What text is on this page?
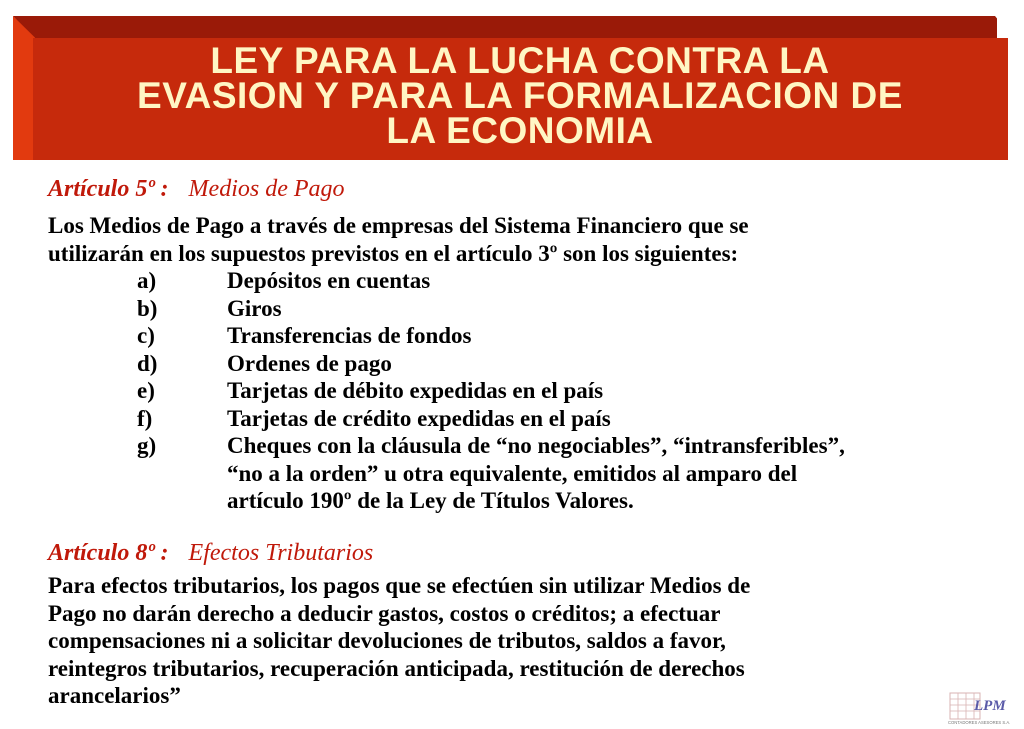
LEY PARA LA LUCHA CONTRA LA
EVASION Y PARA LA FORMALIZACION DE
LA ECONOMIA
Artículo 5º : Medios de Pago
Los Medios de Pago a través de empresas del Sistema Financiero que se
utilizarán en los supuestos previstos en el artículo 3º son los siguientes:
a)	Depósitos en cuentas
b)	Giros
c)	Transferencias de fondos
d)	Ordenes de pago
e)	Tarjetas de débito expedidas en el país
f)	Tarjetas de crédito expedidas en el país
g)	Cheques con la cláusula de “no negociables”, “intransferibles”,
“no a la orden” u otra equivalente, emitidos al amparo del
artículo 190º de la Ley de Títulos Valores.
Artículo 8º : Efectos Tributarios
Para efectos tributarios, los pagos que se efectúen sin utilizar Medios de
Pago no darán derecho a deducir gastos, costos o créditos; a efectuar
compensaciones ni a solicitar devoluciones de tributos, saldos a favor,
reintegros tributarios, recuperación anticipada, restitución de derechos
arancelarios”	LPM
CONTADORES ASESORES S.A.
